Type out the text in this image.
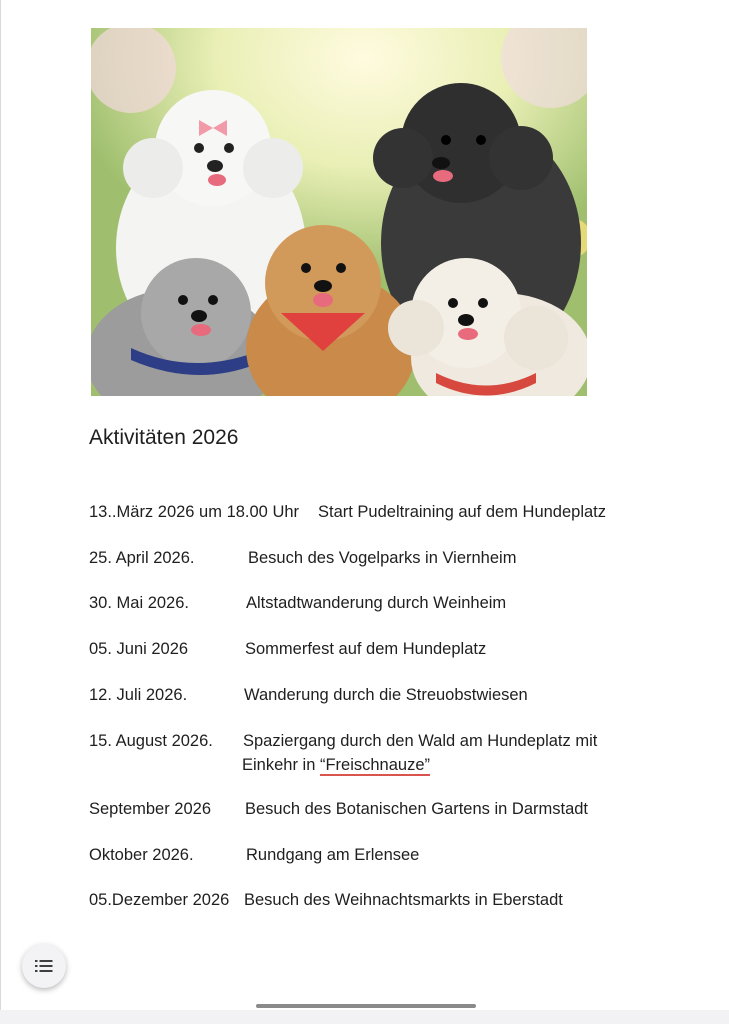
Aktivitäten 2026
13..März 2026 um 18.00 Uhr Start Pudeltraining auf dem Hundeplatz
25. April 2026.	Besuch des Vogelparks in Viernheim
30. Mai 2026.	Altstadtwanderung durch Weinheim
05. Juni 2026	Sommerfest auf dem Hundeplatz
12. Juli 2026.	Wanderung durch die Streuobstwiesen
15. August 2026. Spaziergang durch den Wald am Hundeplatz mit
Einkehr in “Freischnauze”
September 2026 Besuch des Botanischen Gartens in Darmstadt
Oktober 2026.	Rundgang am Erlensee
05.Dezember 2026 Besuch des Weihnachtsmarkts in Eberstadt
